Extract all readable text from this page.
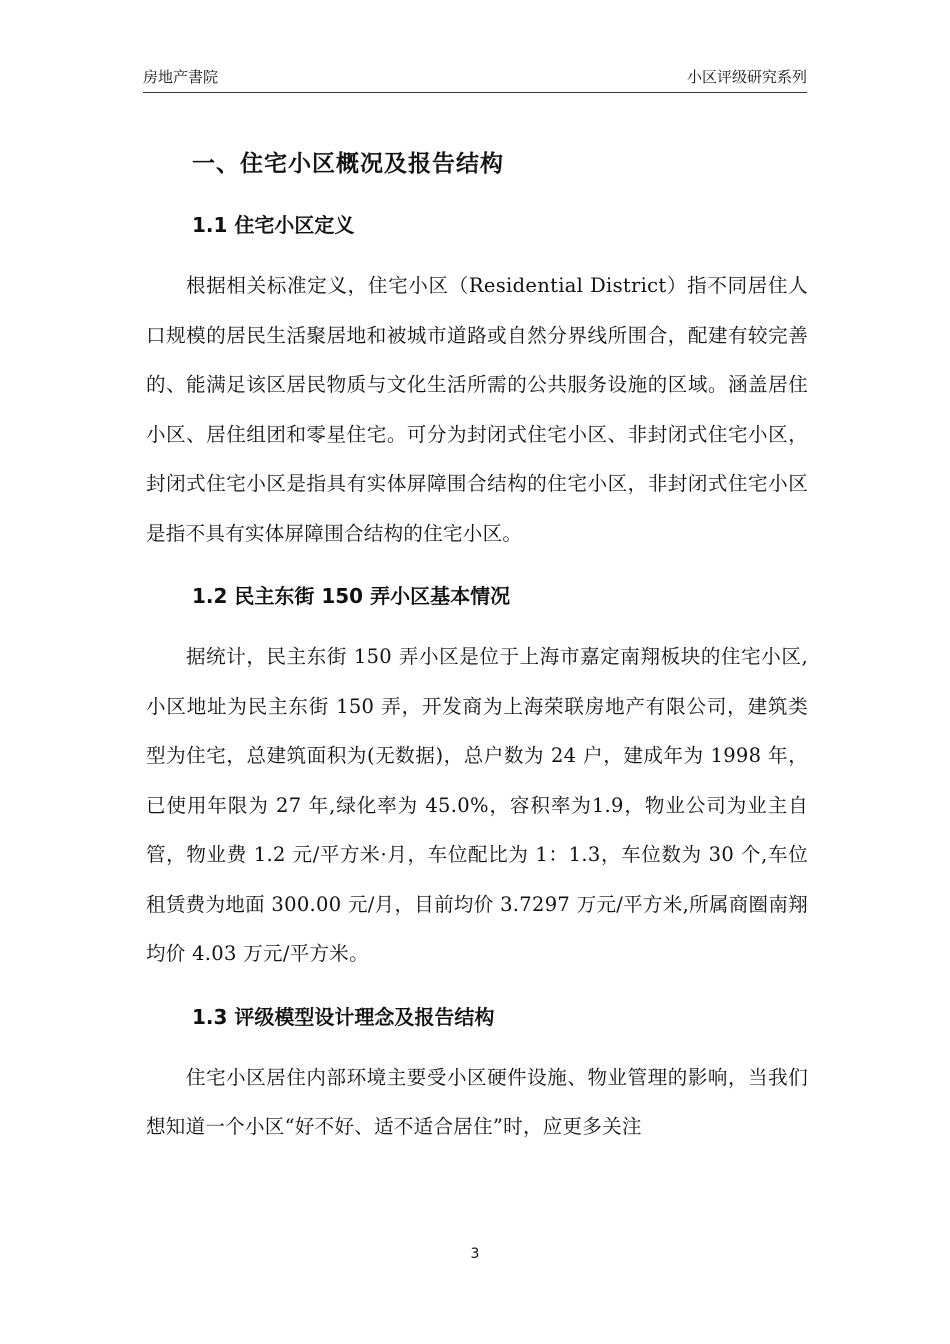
房地产書院	小区评级研究系列
一、住宅小区概况及报告结构
1.1 住宅小区定义

根据相关标准定义，住宅小区（Residential District）指不同居住人口规模的居民生活聚居地和被城市道路或自然分界线所围合，配建有较完善的、能满足该区居民物质与文化生活所需的公共服务设施的区域。涵盖居住小区、居住组团和零星住宅。可分为封闭式住宅小区、非封闭式住宅小区，封闭式住宅小区是指具有实体屏障围合结构的住宅小区，非封闭式住宅小区是指不具有实体屏障围合结构的住宅小区。

1.2 民主东街 150 弄小区基本情况

据统计，民主东街 150 弄小区是位于上海市嘉定南翔板块的住宅小区,小区地址为民主东街 150 弄，开发商为上海荣联房地产有限公司，建筑类型为住宅，总建筑面积为(无数据)，总户数为 24 户，建成年为 1998 年，已使用年限为 27 年,绿化率为 45.0%，容积率为1.9，物业公司为业主自管，物业费 1.2 元/平方米·月，车位配比为 1：1.3，车位数为 30 个,车位租赁费为地面 300.00 元/月，目前均价 3.7297 万元/平方米,所属商圈南翔均价 4.03 万元/平方米。

1.3 评级模型设计理念及报告结构

住宅小区居住内部环境主要受小区硬件设施、物业管理的影响，当我们想知道一个小区“好不好、适不适合居住”时，应更多关注

3
